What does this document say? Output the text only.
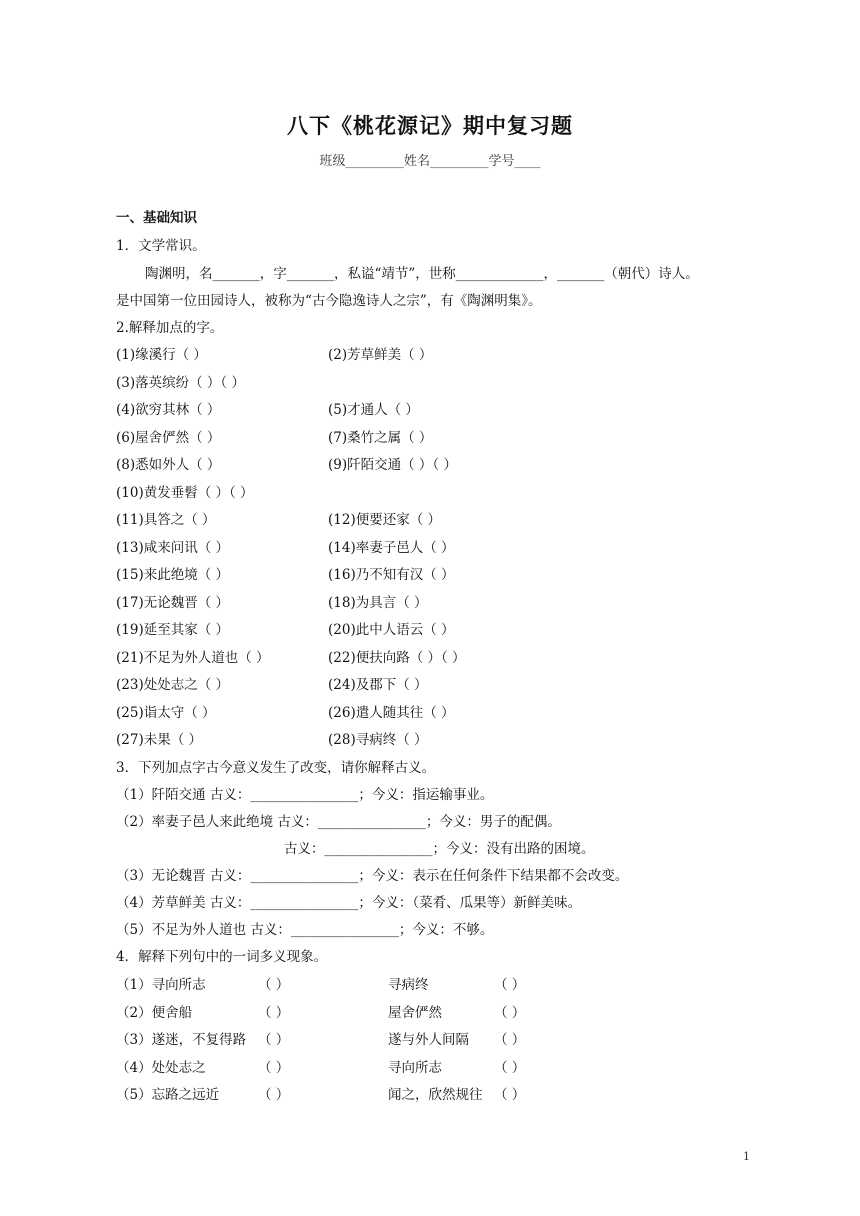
八下《桃花源记》期中复习题
班级_________姓名_________学号____
一、基础知识
1．文学常识。
陶渊明，名_______，字_______，私谥“靖节”，世称_____________，_______（朝代）诗人。
是中国第一位田园诗人，被称为“古今隐逸诗人之宗”，有《陶渊明集》。
2.解释加点的字。
(1)缘溪行（ ）	(2)芳草鲜美（ ）
(3)落英缤纷（ ）（ ）
(4)欲穷其林（ ）	(5)才通人（ ）
(6)屋舍俨然（ ）	(7)桑竹之属（ ）
(8)悉如外人（ ）	(9)阡陌交通（ ）（ ）
(10)黄发垂髫（ ）（ ）
(11)具答之（ ）	(12)便要还家（ ）
(13)咸来问讯（ ）	(14)率妻子邑人（ ）
(15)来此绝境（ ）	(16)乃不知有汉（ ）
(17)无论魏晋（ ）	(18)为具言（ ）
(19)延至其家（ ）	(20)此中人语云（ ）
(21)不足为外人道也（ ）	(22)便扶向路（ ）（ ）
(23)处处志之（ ）	(24)及郡下（ ）
(25)诣太守（ ）	(26)遣人随其往（ ）
(27)未果（ ）	(28)寻病终（ ）
3．下列加点字古今意义发生了改变，请你解释古义。
（1）阡陌交通 古义：________________；今义：指运输事业。
（2）率妻子邑人来此绝境 古义：________________；今义：男子的配偶。
古义：________________；今义：没有出路的困境。
（3）无论魏晋 古义：________________；今义：表示在任何条件下结果都不会改变。
（4）芳草鲜美 古义：________________；今义：（菜肴、瓜果等）新鲜美味。
（5）不足为外人道也 古义：________________；今义：不够。
4．解释下列句中的一词多义现象。
（1）寻向所志	（ ）	寻病终	（ ）
（2）便舍船	（ ）	屋舍俨然	（ ）
（3）遂迷，不复得路 （ ）	遂与外人间隔 （ ）
（4）处处志之	（ ）	寻向所志	（ ）
（5）忘路之远近	（ ）	闻之，欣然规往 （ ）
1
